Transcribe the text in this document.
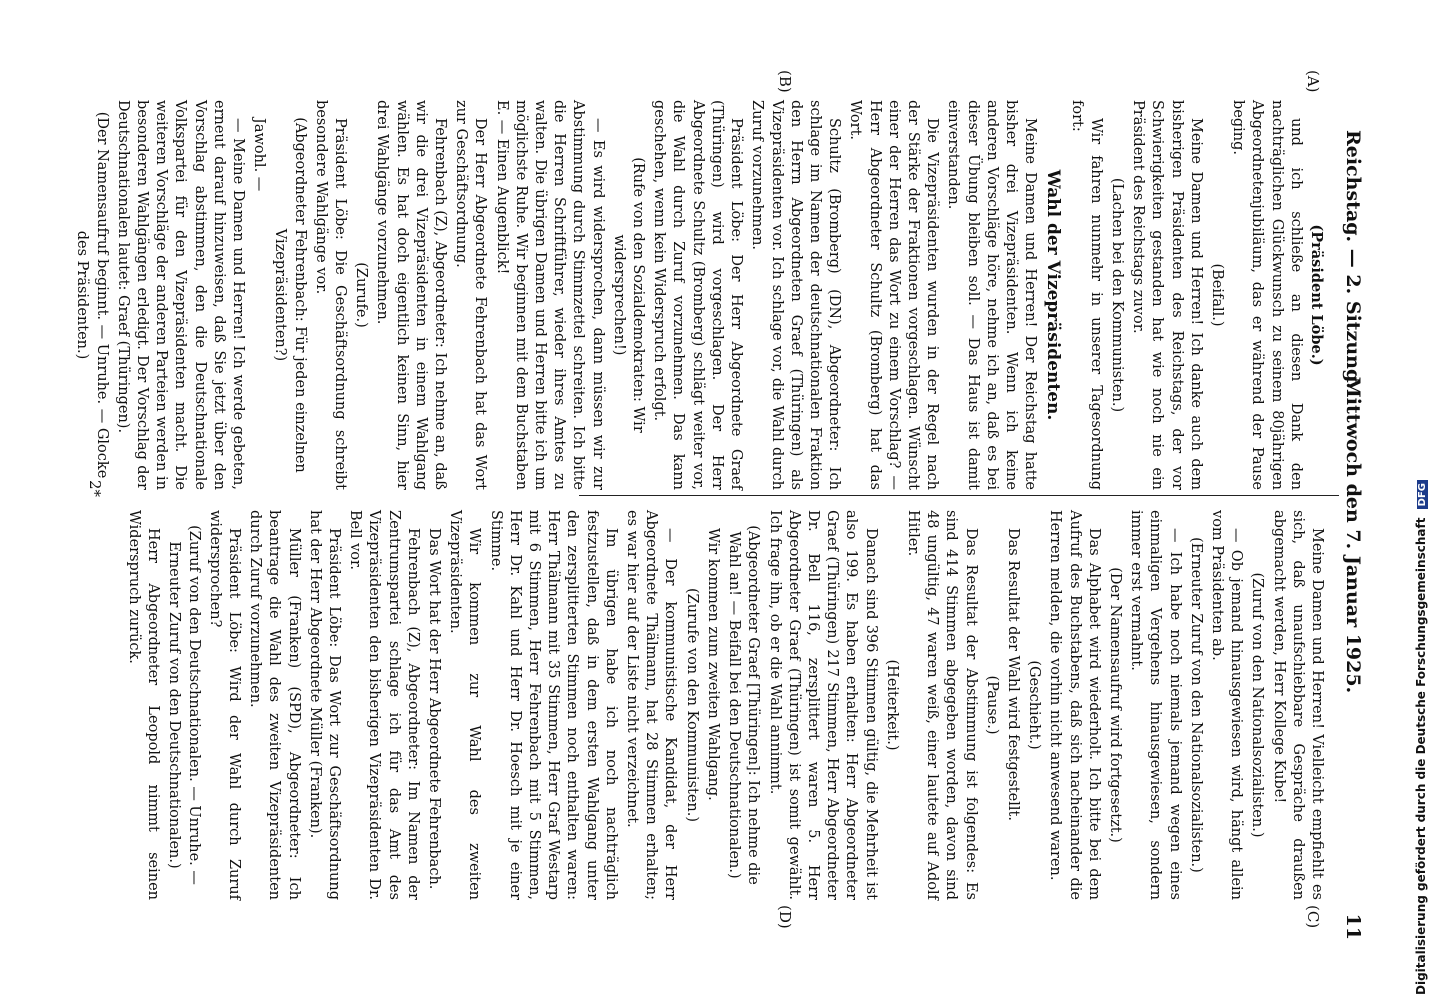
Reichstag. — 2. Sitzung.
Mittwoch den 7. Januar 1925.
11
(A)
(B)
(C)
(D)

(Präsident Löbe.)

und ich schließe an diesen Dank den nachträglichen Glückwunsch zu seinem 80jährigen Abgeordnetenjubiläum, das er während der Pause beging.

(Beifall.)

Meine Damen und Herren! Ich danke auch dem bisherigen Präsidenten des Reichstags, der vor Schwierigkeiten gestanden hat wie noch nie ein Präsident des Reichstags zuvor.

(Lachen bei den Kommunisten.)

Wir fahren nunmehr in unserer Tagesordnung fort:

Wahl der Vizepräsidenten.

Meine Damen und Herren! Der Reichstag hatte bisher drei Vizepräsidenten. Wenn ich keine anderen Vorschläge höre, nehme ich an, daß es bei dieser Übung bleiben soll. — Das Haus ist damit einverstanden.

Die Vizepräsidenten wurden in der Regel nach der Stärke der Fraktionen vorgeschlagen. Wünscht einer der Herren das Wort zu einem Vorschlag? — Herr Abgeordneter Schultz (Bromberg) hat das Wort.

Schultz (Bromberg) (DN), Abgeordneter: Ich schlage im Namen der deutschnationalen Fraktion den Herrn Abgeordneten Graef (Thüringen) als Vizepräsidenten vor. Ich schlage vor, die Wahl durch Zuruf vorzunehmen.

Präsident Löbe: Der Herr Abgeordnete Graef (Thüringen) wird vorgeschlagen. Der Herr Abgeordnete Schultz (Bromberg) schlägt weiter vor, die Wahl durch Zuruf vorzunehmen. Das kann geschehen, wenn kein Widerspruch erfolgt.

(Rufe von den Sozialdemokraten: Wir widersprechen!)

— Es wird widersprochen, dann müssen wir zur Abstimmung durch Stimmzettel schreiten. Ich bitte die Herren Schriftführer, wieder ihres Amtes zu walten. Die übrigen Damen und Herren bitte ich um möglichste Ruhe. Wir beginnen mit dem Buchstaben E. — Einen Augenblick!

Der Herr Abgeordnete Fehrenbach hat das Wort zur Geschäftsordnung.

Fehrenbach (Z), Abgeordneter: Ich nehme an, daß wir die drei Vizepräsidenten in einem Wahlgang wählen. Es hat doch eigentlich keinen Sinn, hier drei Wahlgänge vorzunehmen.

(Zurufe.)

Präsident Löbe: Die Geschäftsordnung schreibt besondere Wahlgänge vor.

(Abgeordneter Fehrenbach: Für jeden einzelnen Vizepräsidenten?)

Jawohl. —

— Meine Damen und Herren! Ich werde gebeten, erneut darauf hinzuweisen, daß Sie jetzt über den Vorschlag abstimmen, den die Deutschnationale Volkspartei für den Vizepräsidenten macht. Die weiteren Vorschläge der anderen Parteien werden in besonderen Wahlgängen erledigt. Der Vorschlag der Deutschnationalen lautet: Graef (Thüringen).

(Der Namensaufruf beginnt. — Unruhe. — Glocke des Präsidenten.)

Meine Damen und Herren! Vielleicht empfiehlt es sich, daß unaufschiebbare Gespräche draußen abgemacht werden, Herr Kollege Kube!

(Zuruf von den Nationalsozialisten.)

— Ob jemand hinausgewiesen wird, hängt allein vom Präsidenten ab.

(Erneuter Zuruf von den Nationalsozialisten.)

— Ich habe noch niemals jemand wegen eines einmaligen Vergehens hinausgewiesen, sondern immer erst vermahnt.

(Der Namensaufruf wird fortgesetzt.)

Das Alphabet wird wiederholt. Ich bitte bei dem Aufruf des Buchstabens, daß sich nacheinander die Herren melden, die vorhin nicht anwesend waren.

(Geschieht.)

Das Resultat der Wahl wird festgestellt.

(Pause.)

Das Resultat der Abstimmung ist folgendes: Es sind 414 Stimmen abgegeben worden, davon sind 48 ungültig, 47 waren weiß, einer lautete auf Adolf Hitler.

(Heiterkeit.)

Danach sind 396 Stimmen gültig, die Mehrheit ist also 199. Es haben erhalten: Herr Abgeordneter Graef (Thüringen) 217 Stimmen, Herr Abgeordneter Dr. Bell 116, zersplittert waren 5. Herr Abgeordneter Graef (Thüringen) ist somit gewählt. Ich frage ihn, ob er die Wahl annimmt.

(Abgeordneter Graef [Thüringen]: Ich nehme die Wahl an! — Beifall bei den Deutschnationalen.)

Wir kommen zum zweiten Wahlgang.

(Zurufe von den Kommunisten.)

— Der kommunistische Kandidat, der Herr Abgeordnete Thälmann, hat 28 Stimmen erhalten; es war hier auf der Liste nicht verzeichnet.

Im übrigen habe ich noch nachträglich festzustellen, daß in dem ersten Wahlgang unter den zersplitterten Stimmen noch enthalten waren: Herr Thälmann mit 35 Stimmen, Herr Graf Westarp mit 6 Stimmen, Herr Fehrenbach mit 5 Stimmen, Herr Dr. Kahl und Herr Dr. Hoesch mit je einer Stimme.

Wir kommen zur Wahl des zweiten Vizepräsidenten.

Das Wort hat der Herr Abgeordnete Fehrenbach.

Fehrenbach (Z), Abgeordneter: Im Namen der Zentrumspartei schlage ich für das Amt des Vizepräsidenten den bisherigen Vizepräsidenten Dr. Bell vor.

Präsident Löbe: Das Wort zur Geschäftsordnung hat der Herr Abgeordnete Müller (Franken).

Müller (Franken) (SPD), Abgeordneter: Ich beantrage die Wahl des zweiten Vizepräsidenten durch Zuruf vorzunehmen.

Präsident Löbe: Wird der Wahl durch Zuruf widersprochen?

(Zuruf von den Deutschnationalen. — Unruhe. — Erneuter Zuruf von den Deutschnationalen.)

Herr Abgeordneter Leopold nimmt seinen Widerspruch zurück.

2*
Digitalisierung gefördert durch die Deutsche Forschungsgemeinschaft DFG
